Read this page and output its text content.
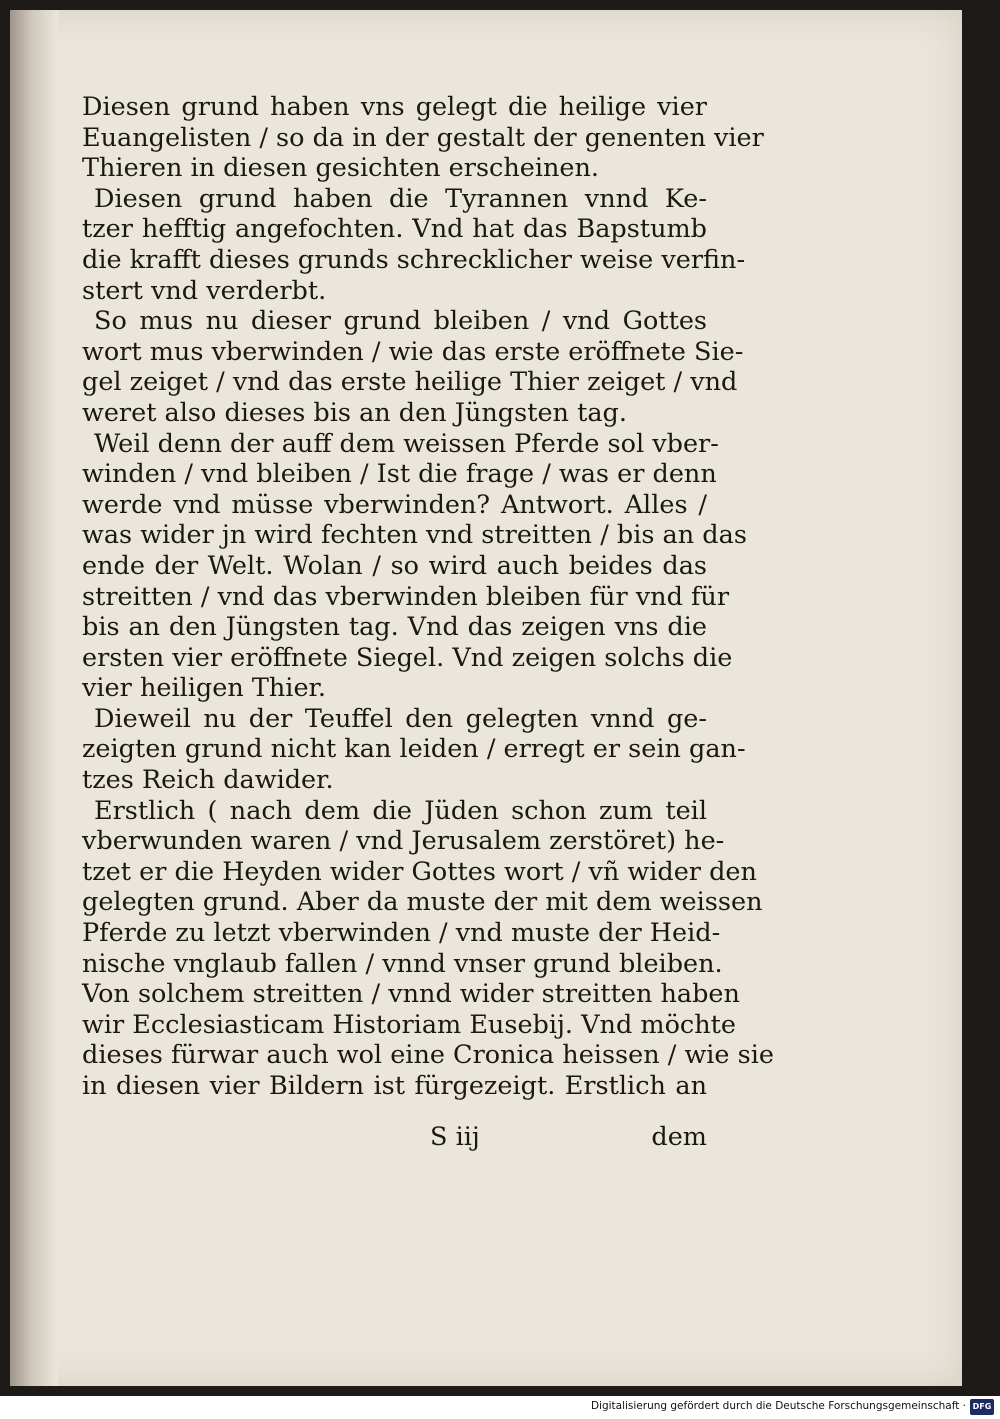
Diesen grund haben vns gelegt die heilige vier
Euangelisten / so da in der gestalt der genenten vier
Thieren in diesen gesichten erscheinen.
Diesen grund haben die Tyrannen vnnd Ke-
tzer hefftig angefochten. Vnd hat das Bapstumb
die krafft dieses grunds schrecklicher weise verfin-
stert vnd verderbt.
So mus nu dieser grund bleiben / vnd Gottes
wort mus vberwinden / wie das erste eröffnete Sie-
gel zeiget / vnd das erste heilige Thier zeiget / vnd
weret also dieses bis an den Jüngsten tag.
Weil denn der auff dem weissen Pferde sol vber-
winden / vnd bleiben / Ist die frage / was er denn
werde vnd müsse vberwinden? Antwort. Alles /
was wider jn wird fechten vnd streitten / bis an das
ende der Welt. Wolan / so wird auch beides das
streitten / vnd das vberwinden bleiben für vnd für
bis an den Jüngsten tag. Vnd das zeigen vns die
ersten vier eröffnete Siegel. Vnd zeigen solchs die
vier heiligen Thier.
Dieweil nu der Teuffel den gelegten vnnd ge-
zeigten grund nicht kan leiden / erregt er sein gan-
tzes Reich dawider.
Erstlich ( nach dem die Jüden schon zum teil
vberwunden waren / vnd Jerusalem zerstöret) he-
tzet er die Heyden wider Gottes wort / vñ wider den
gelegten grund. Aber da muste der mit dem weissen
Pferde zu letzt vberwinden / vnd muste der Heid-
nische vnglaub fallen / vnnd vnser grund bleiben.
Von solchem streitten / vnnd wider streitten haben
wir Ecclesiasticam Historiam Eusebij. Vnd möchte
dieses fürwar auch wol eine Cronica heissen / wie sie
in diesen vier Bildern ist fürgezeigt. Erstlich an
S iij	dem
Digitalisierung gefördert durch die Deutsche Forschungsgemeinschaft · DFG
